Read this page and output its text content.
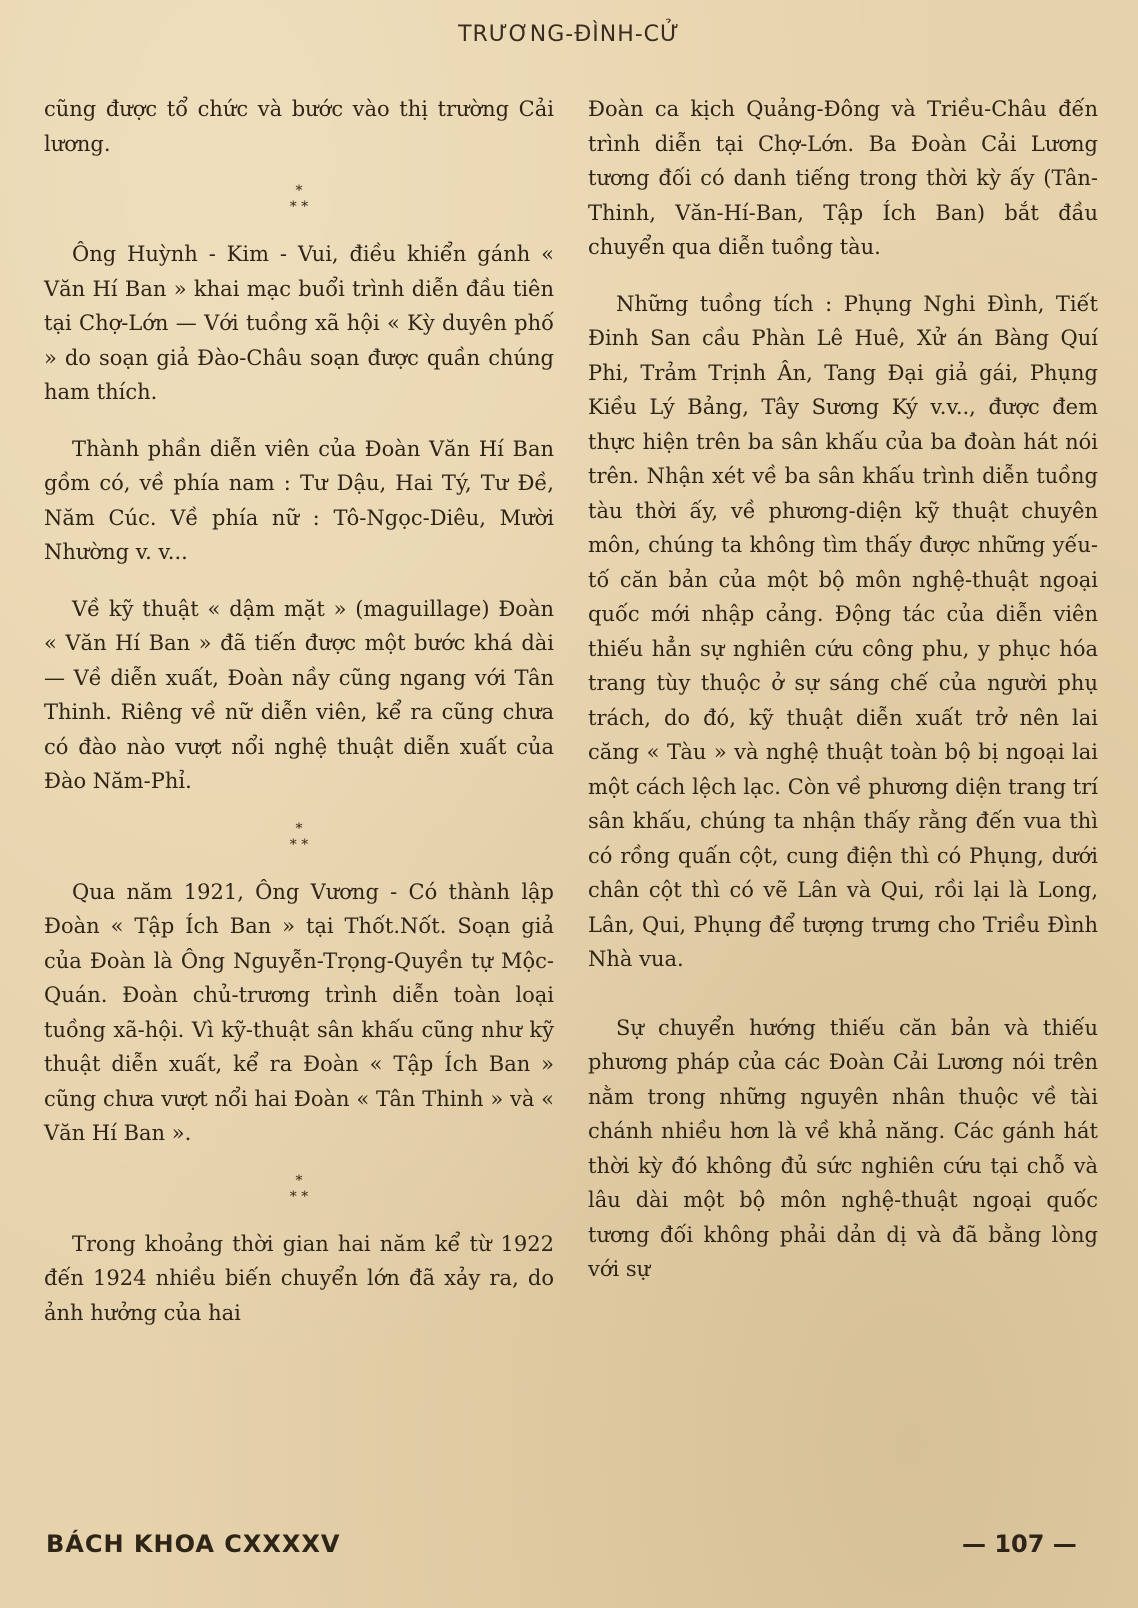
TRƯƠNG-ĐÌNH-CỬ

cũng được tổ chức và bước vào thị trường Cải lương.

*
* *

Ông Huỳnh - Kim - Vui, điều khiển gánh « Văn Hí Ban » khai mạc buổi trình diễn đầu tiên tại Chợ-Lớn — Với tuồng xã hội « Kỳ duyên phố » do soạn giả Đào-Châu soạn được quần chúng ham thích.

Thành phần diễn viên của Đoàn Văn Hí Ban gồm có, về phía nam : Tư Dậu, Hai Tý, Tư Đề, Năm Cúc. Về phía nữ : Tô-Ngọc-Diêu, Mười Nhường v. v...

Về kỹ thuật « dậm mặt » (maguillage) Đoàn « Văn Hí Ban » đã tiến được một bước khá dài — Về diễn xuất, Đoàn nầy cũng ngang với Tân Thinh. Riêng về nữ diễn viên, kể ra cũng chưa có đào nào vượt nổi nghệ thuật diễn xuất của Đào Năm-Phỉ.

*
* *

Qua năm 1921, Ông Vương - Có thành lập Đoàn « Tập Ích Ban » tại Thốt.Nốt. Soạn giả của Đoàn là Ông Nguyễn-Trọng-Quyền tự Mộc-Quán. Đoàn chủ-trương trình diễn toàn loại tuồng xã-hội. Vì kỹ-thuật sân khấu cũng như kỹ thuật diễn xuất, kể ra Đoàn « Tập Ích Ban » cũng chưa vượt nổi hai Đoàn « Tân Thinh » và « Văn Hí Ban ».

*
* *

Trong khoảng thời gian hai năm kể từ 1922 đến 1924 nhiều biến chuyển lớn đã xảy ra, do ảnh hưởng của hai

Đoàn ca kịch Quảng-Đông và Triều-Châu đến trình diễn tại Chợ-Lớn. Ba Đoàn Cải Lương tương đối có danh tiếng trong thời kỳ ấy (Tân-Thinh, Văn-Hí-Ban, Tập Ích Ban) bắt đầu chuyển qua diễn tuồng tàu.

Những tuồng tích : Phụng Nghi Đình, Tiết Đinh San cầu Phàn Lê Huê, Xử án Bàng Quí Phi, Trảm Trịnh Ân, Tang Đại giả gái, Phụng Kiều Lý Bảng, Tây Sương Ký v.v.., được đem thực hiện trên ba sân khấu của ba đoàn hát nói trên. Nhận xét về ba sân khấu trình diễn tuồng tàu thời ấy, về phương-diện kỹ thuật chuyên môn, chúng ta không tìm thấy được những yếu-tố căn bản của một bộ môn nghệ-thuật ngoại quốc mới nhập cảng. Động tác của diễn viên thiếu hẳn sự nghiên cứu công phu, y phục hóa trang tùy thuộc ở sự sáng chế của người phụ trách, do đó, kỹ thuật diễn xuất trở nên lai căng « Tàu » và nghệ thuật toàn bộ bị ngoại lai một cách lệch lạc. Còn về phương diện trang trí sân khấu, chúng ta nhận thấy rằng đến vua thì có rồng quấn cột, cung điện thì có Phụng, dưới chân cột thì có vẽ Lân và Qui, rồi lại là Long, Lân, Qui, Phụng để tượng trưng cho Triều Đình Nhà vua.

Sự chuyển hướng thiếu căn bản và thiếu phương pháp của các Đoàn Cải Lương nói trên nằm trong những nguyên nhân thuộc về tài chánh nhiều hơn là về khả năng. Các gánh hát thời kỳ đó không đủ sức nghiên cứu tại chỗ và lâu dài một bộ môn nghệ-thuật ngoại quốc tương đối không phải dản dị và đã bằng lòng với sự

BÁCH KHOA CXXXXV	— 107 —
